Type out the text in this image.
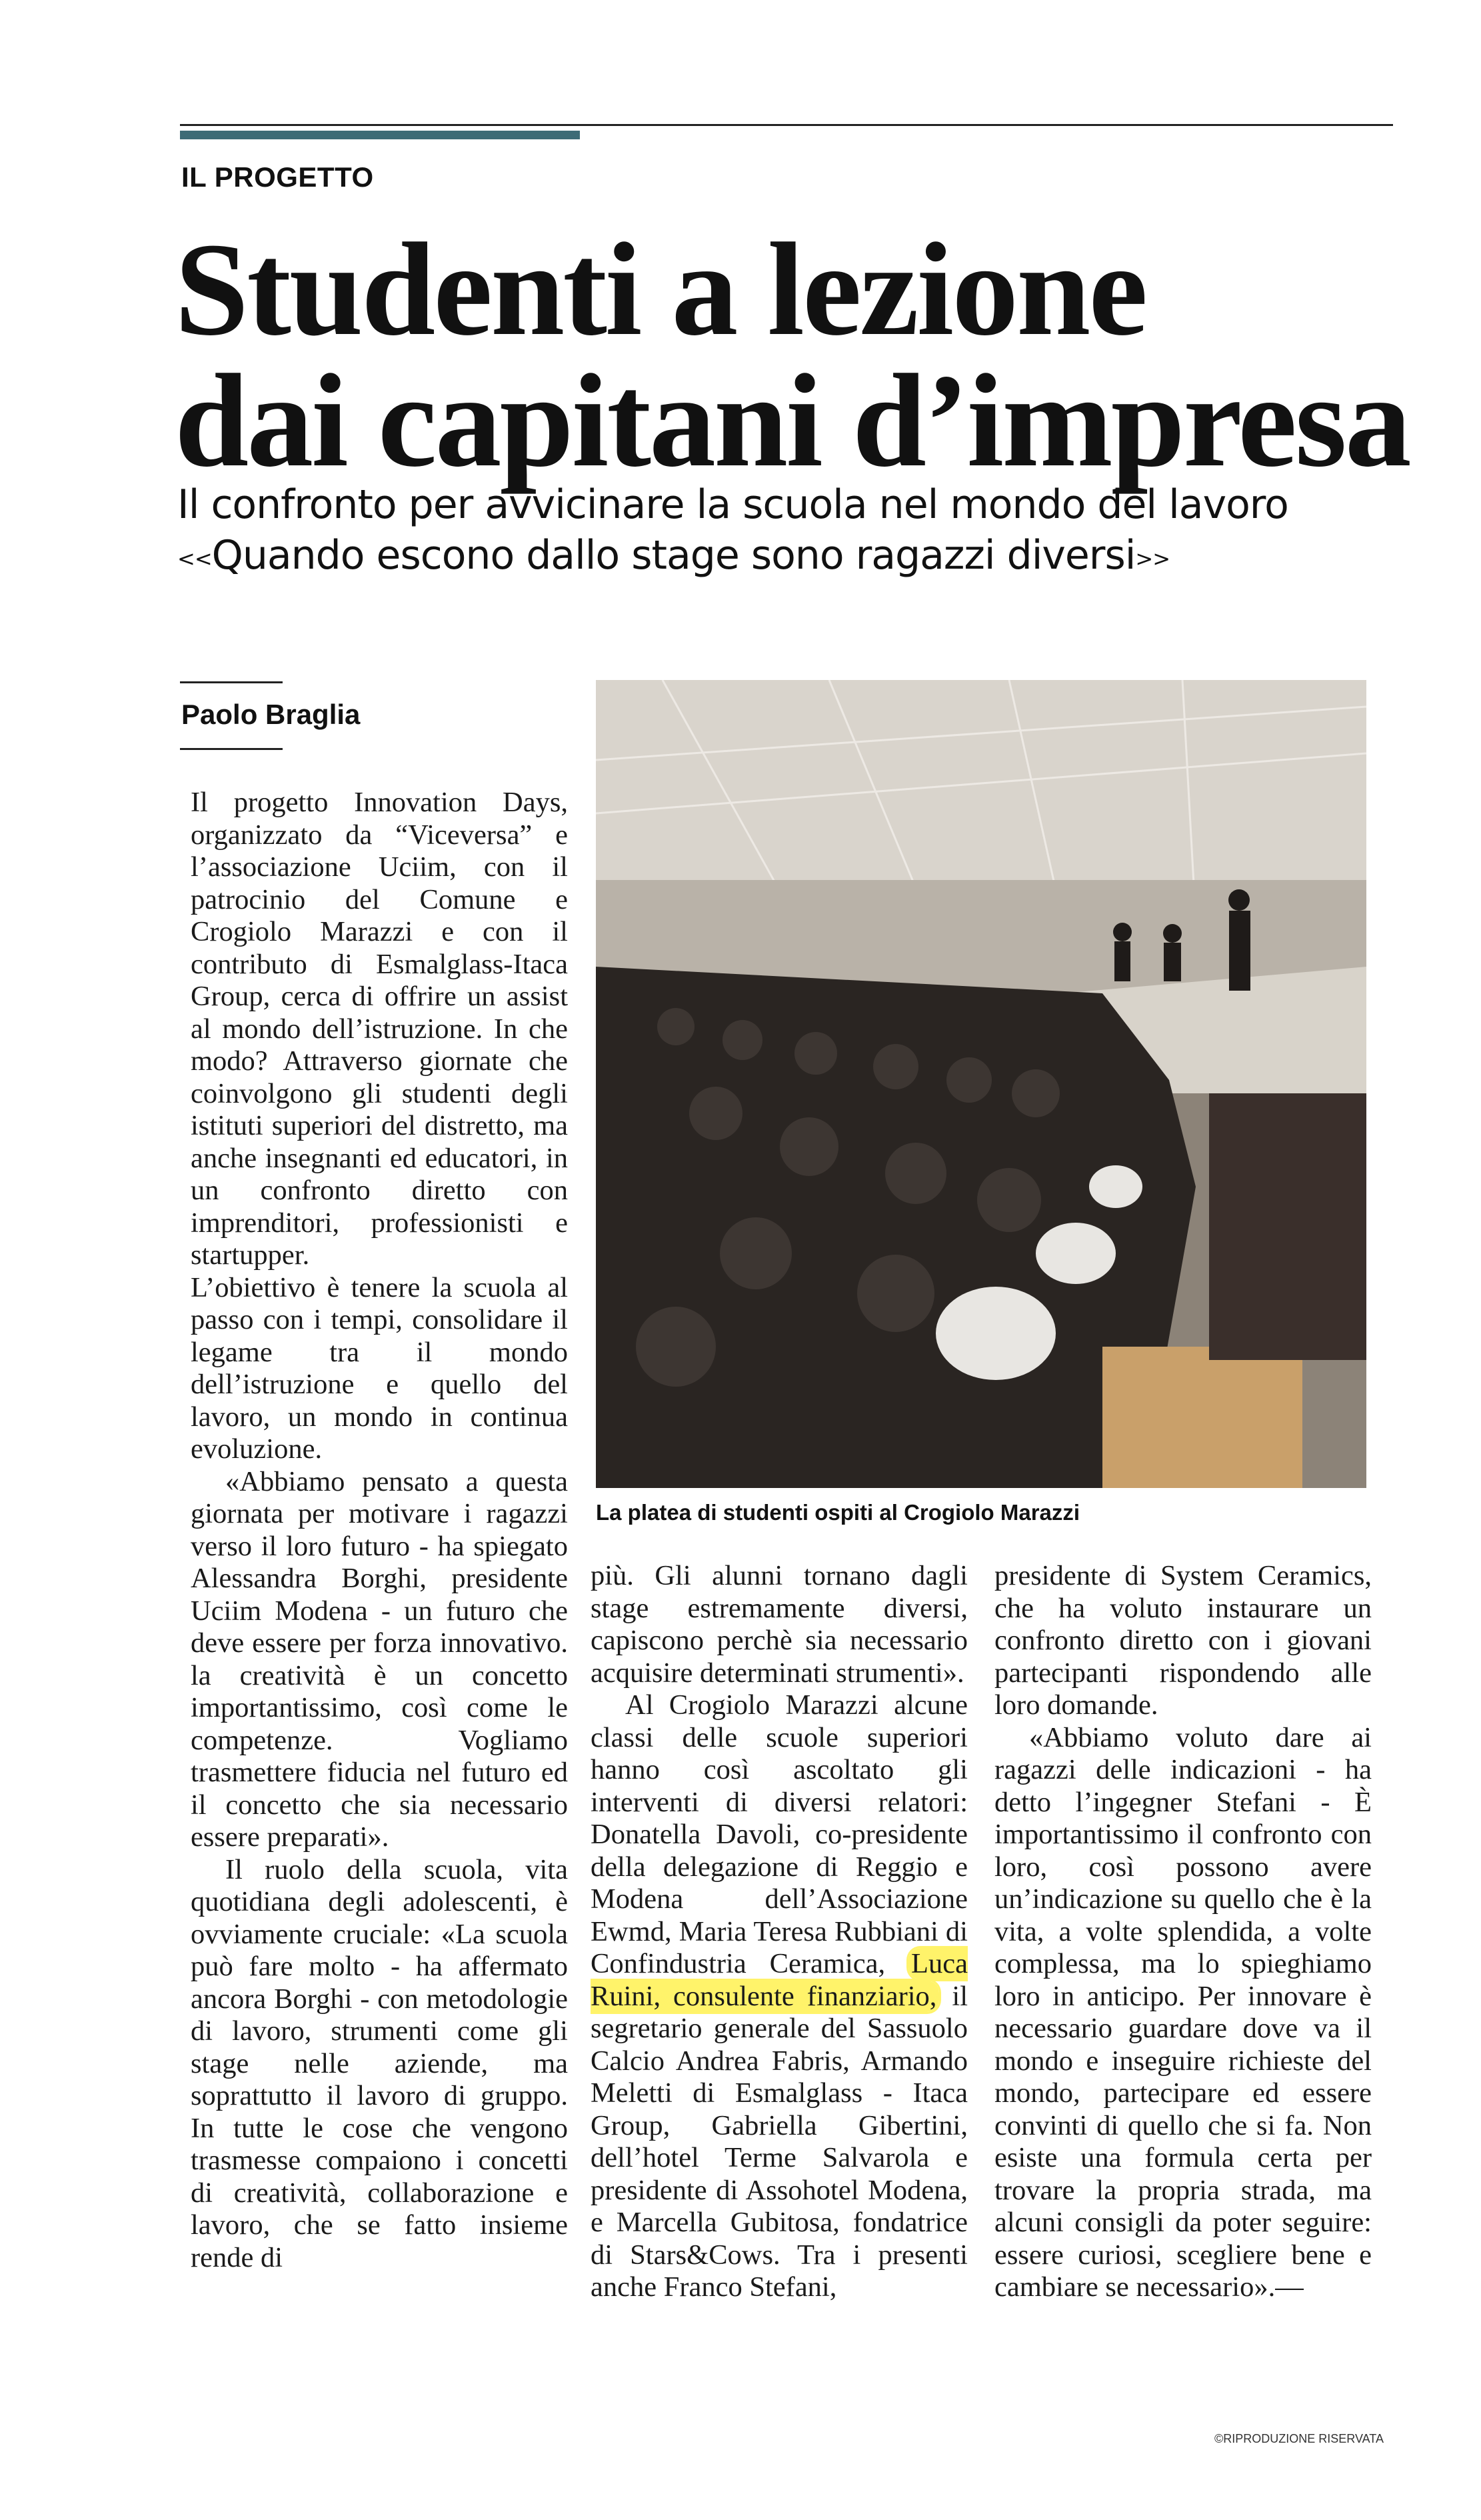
IL PROGETTO
Studenti a lezione
dai capitani d’impresa
Il confronto per avvicinare la scuola nel mondo del lavoro
<<Quando escono dallo stage sono ragazzi diversi>>
Paolo Braglia

Il progetto Innovation Days, organizzato da “Viceversa” e l’associazione Uciim, con il patrocinio del Comune e Crogiolo Marazzi e con il contributo di Esmalglass-Itaca Group, cerca di offrire un assist al mondo dell’istruzione. In che modo? Attraverso giornate che coinvolgono gli studenti degli istituti superiori del distretto, ma anche insegnanti ed educatori, in un confronto diretto con imprenditori, professionisti e startupper.

L’obiettivo è tenere la scuola al passo con i tempi, consolidare il legame tra il mondo dell’istruzione e quello del lavoro, un mondo in continua evoluzione.

«Abbiamo pensato a questa giornata per motivare i ragazzi verso il loro futuro - ha spiegato Alessandra Borghi, presidente Uciim Modena - un futuro che deve essere per forza innovativo. la creatività è un concetto importantissimo, così come le competenze. Vogliamo trasmettere fiducia nel futuro ed il concetto che sia necessario essere preparati».

Il ruolo della scuola, vita quotidiana degli adolescenti, è ovviamente cruciale: «La scuola può fare molto - ha affermato ancora Borghi - con metodologie di lavoro, strumenti come gli stage nelle aziende, ma soprattutto il lavoro di gruppo. In tutte le cose che vengono trasmesse compaiono i concetti di creatività, collaborazione e lavoro, che se fatto insieme rende di

La platea di studenti ospiti al Crogiolo Marazzi

più. Gli alunni tornano dagli stage estremamente diversi, capiscono perchè sia necessario acquisire determinati strumenti».

Al Crogiolo Marazzi alcune classi delle scuole superiori hanno così ascoltato gli interventi di diversi relatori: Donatella Davoli, co-presidente della delegazione di Reggio e Modena dell’Associazione Ewmd, Maria Teresa Rubbiani di Confindustria Ceramica, Luca Ruini, consulente finanziario, il segretario generale del Sassuolo Calcio Andrea Fabris, Armando Meletti di Esmalglass - Itaca Group, Gabriella Gibertini, dell’hotel Terme Salvarola e presidente di Assohotel Modena, e Marcella Gubitosa, fondatrice di Stars&Cows. Tra i presenti anche Franco Stefani,

presidente di System Ceramics, che ha voluto instaurare un confronto diretto con i giovani partecipanti rispondendo alle loro domande.

«Abbiamo voluto dare ai ragazzi delle indicazioni - ha detto l’ingegner Stefani - È importantissimo il confronto con loro, così possono avere un’indicazione su quello che è la vita, a volte splendida, a volte complessa, ma lo spieghiamo loro in anticipo. Per innovare è necessario guardare dove va il mondo e inseguire richieste del mondo, partecipare ed essere convinti di quello che si fa. Non esiste una formula certa per trovare la propria strada, ma alcuni consigli da poter seguire: essere curiosi, scegliere bene e cambiare se necessario».—

©RIPRODUZIONE RISERVATA
